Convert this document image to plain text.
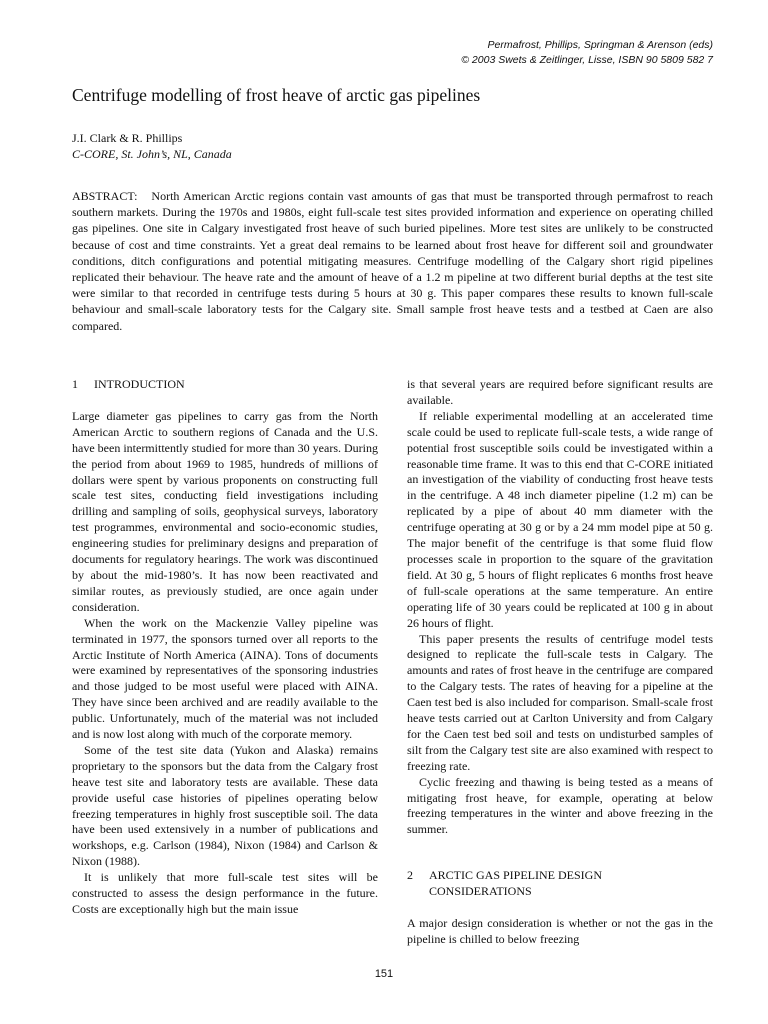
Permafrost, Phillips, Springman & Arenson (eds)
© 2003 Swets & Zeitlinger, Lisse, ISBN 90 5809 582 7
Centrifuge modelling of frost heave of arctic gas pipelines
J.I. Clark & R. Phillips
C-CORE, St. John’s, NL, Canada
ABSTRACT: North American Arctic regions contain vast amounts of gas that must be transported through permafrost to reach southern markets. During the 1970s and 1980s, eight full-scale test sites provided information and experience on operating chilled gas pipelines. One site in Calgary investigated frost heave of such buried pipelines. More test sites are unlikely to be constructed because of cost and time constraints. Yet a great deal remains to be learned about frost heave for different soil and groundwater conditions, ditch configurations and potential mitigating measures. Centrifuge modelling of the Calgary short rigid pipelines replicated their behaviour. The heave rate and the amount of heave of a 1.2 m pipeline at two different burial depths at the test site were similar to that recorded in centrifuge tests during 5 hours at 30 g. This paper compares these results to known full-scale behaviour and small-scale laboratory tests for the Calgary site. Small sample frost heave tests and a testbed at Caen are also compared.
1 INTRODUCTION

Large diameter gas pipelines to carry gas from the North American Arctic to southern regions of Canada and the U.S. have been intermittently studied for more than 30 years. During the period from about 1969 to 1985, hundreds of millions of dollars were spent by various proponents on constructing full scale test sites, conducting field investigations including drilling and sampling of soils, geophysical surveys, laboratory test programmes, environmental and socio-economic studies, engineering studies for preliminary designs and preparation of documents for regulatory hearings. The work was discontinued by about the mid-1980’s. It has now been reactivated and similar routes, as previously studied, are once again under consideration.

When the work on the Mackenzie Valley pipeline was terminated in 1977, the sponsors turned over all reports to the Arctic Institute of North America (AINA). Tons of documents were examined by representatives of the sponsoring industries and those judged to be most useful were placed with AINA. They have since been archived and are readily available to the public. Unfortunately, much of the material was not included and is now lost along with much of the corporate memory.

Some of the test site data (Yukon and Alaska) remains proprietary to the sponsors but the data from the Calgary frost heave test site and laboratory tests are available. These data provide useful case histories of pipelines operating below freezing temperatures in highly frost susceptible soil. The data have been used extensively in a number of publications and workshops, e.g. Carlson (1984), Nixon (1984) and Carlson & Nixon (1988).

It is unlikely that more full-scale test sites will be constructed to assess the design performance in the future. Costs are exceptionally high but the main issue

is that several years are required before significant results are available.

If reliable experimental modelling at an accelerated time scale could be used to replicate full-scale tests, a wide range of potential frost susceptible soils could be investigated within a reasonable time frame. It was to this end that C-CORE initiated an investigation of the viability of conducting frost heave tests in the centrifuge. A 48 inch diameter pipeline (1.2 m) can be replicated by a pipe of about 40 mm diameter with the centrifuge operating at 30 g or by a 24 mm model pipe at 50 g. The major benefit of the centrifuge is that some fluid flow processes scale in proportion to the square of the gravitation field. At 30 g, 5 hours of flight replicates 6 months frost heave of full-scale operations at the same temperature. An entire operating life of 30 years could be replicated at 100 g in about 26 hours of flight.

This paper presents the results of centrifuge model tests designed to replicate the full-scale tests in Calgary. The amounts and rates of frost heave in the centrifuge are compared to the Calgary tests. The rates of heaving for a pipeline at the Caen test bed is also included for comparison. Small-scale frost heave tests carried out at Carlton University and from Calgary for the Caen test bed soil and tests on undisturbed samples of silt from the Calgary test site are also examined with respect to freezing rate.

Cyclic freezing and thawing is being tested as a means of mitigating frost heave, for example, operating at below freezing temperatures in the winter and above freezing in the summer.

2	ARCTIC GAS PIPELINE DESIGN
CONSIDERATIONS

A major design consideration is whether or not the gas in the pipeline is chilled to below freezing

151
